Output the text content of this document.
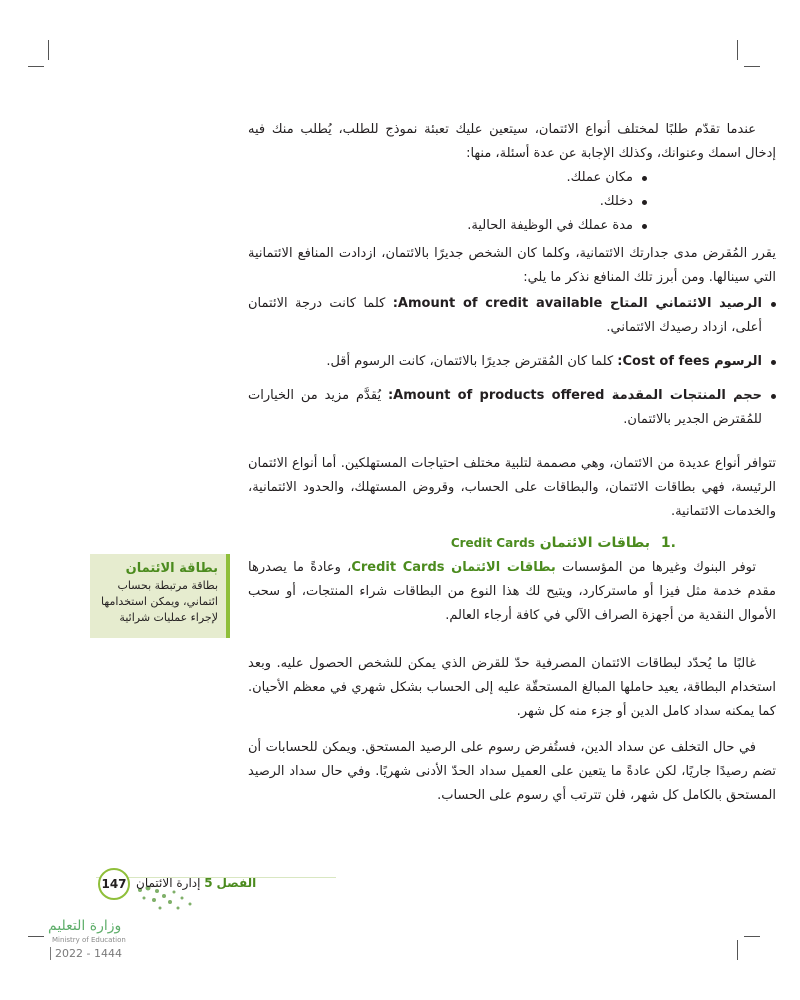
عندما تقدّم طلبًا لمختلف أنواع الائتمان، سيتعين عليك تعبئة نموذج للطلب، يُطلب منك فيه إدخال اسمك وعنوانك، وكذلك الإجابة عن عدة أسئلة، منها:

مكان عملك.
دخلك.
مدة عملك في الوظيفة الحالية.

يقرر المُقرض مدى جدارتك الائتمانية، وكلما كان الشخص جديرًا بالائتمان، ازدادت المنافع الائتمانية التي سينالها. ومن أبرز تلك المنافع نذكر ما يلي:

الرصيد الائتماني المتاح Amount of credit available: كلما كانت درجة الائتمان أعلى، ازداد رصيدك الائتماني.
الرسوم Cost of fees: كلما كان المُقترض جديرًا بالائتمان، كانت الرسوم أقل.
حجم المنتجات المقدمة Amount of products offered: يُقدَّم مزيد من الخيارات للمُقترض الجدير بالائتمان.

تتوافر أنواع عديدة من الائتمان، وهي مصممة لتلبية مختلف احتياجات المستهلكين. أما أنواع الائتمان الرئيسة، فهي بطاقات الائتمان، والبطاقات على الحساب، وقروض المستهلك، والحدود الائتمانية، والخدمات الائتمانية.

.1 بطاقات الائتمان Credit Cards

توفر البنوك وغيرها من المؤسسات بطاقات الائتمان Credit Cards، وعادةً ما يصدرها مقدم خدمة مثل فيزا أو ماستركارد، ويتيح لك هذا النوع من البطاقات شراء المنتجات، أو سحب الأموال النقدية من أجهزة الصراف الآلي في كافة أرجاء العالم.

غالبًا ما يُحدّد لبطاقات الائتمان المصرفية حدّ للقرض الذي يمكن للشخص الحصول عليه. وبعد استخدام البطاقة، يعيد حاملها المبالغ المستحقّة عليه إلى الحساب بشكل شهري في معظم الأحيان. كما يمكنه سداد كامل الدين أو جزء منه كل شهر.

في حال التخلف عن سداد الدين، فستُفرض رسوم على الرصيد المستحق. ويمكن للحسابات أن تضم رصيدًا جاريًا، لكن عادةً ما يتعين على العميل سداد الحدّ الأدنى شهريًا. وفي حال سداد الرصيد المستحق بالكامل كل شهر، فلن تترتب أي رسوم على الحساب.

بطاقة الائتمان
بطاقة مرتبطة بحساب ائتماني، ويمكن استخدامها لإجراء عمليات شرائية
147	الفصل 5 إدارة الائتمان
وزارة التعليم
Ministry of Education
2022 - 1444
